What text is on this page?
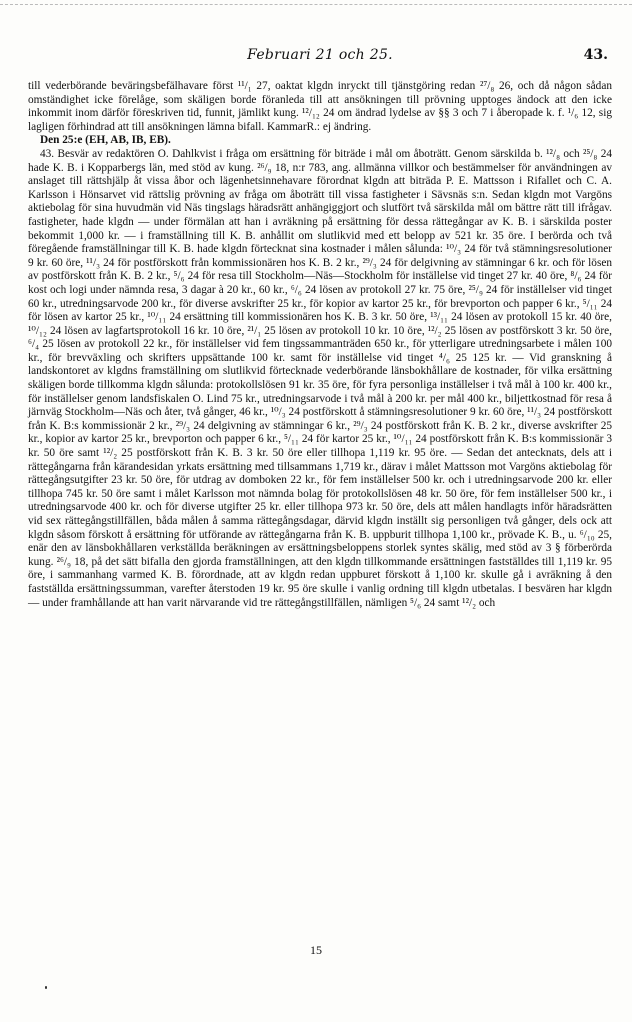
Februari 21 och 25.	43.

till vederbörande beväringsbefälhavare först ¹¹/₁ 27, oaktat klgdn inryckt till tjänstgöring redan ²⁷/₈ 26, och då någon sådan omständighet icke förelåge, som skäligen borde föranleda till att ansökningen till prövning upptoges ändock att den icke inkommit inom därför föreskriven tid, funnit, jämlikt kung. ¹²/₁₂ 24 om ändrad lydelse av §§ 3 och 7 i åberopade k. f. ¹/₆ 12, sig lagligen förhindrad att till ansökningen lämna bifall. KammarR.: ej ändring.

Den 25:e (EH, AB, IB, EB).

43. Besvär av redaktören O. Dahlkvist i fråga om ersättning för biträde i mål om åboträtt. Genom särskilda b. ¹²/₈ och ²⁵/₈ 24 hade K. B. i Kopparbergs län, med stöd av kung. ²⁶/₉ 18, n:r 783, ang. allmänna villkor och bestämmelser för användningen av anslaget till rättshjälp åt vissa åbor och lägenhetsinnehavare förordnat klgdn att biträda P. E. Mattsson i Rifallet och C. A. Karlsson i Hönsarvet vid rättslig prövning av fråga om åboträtt till vissa fastigheter i Sävsnäs s:n. Sedan klgdn mot Vargöns aktiebolag för sina huvudmän vid Näs tingslags häradsrätt anhängiggjort och slutfört två särskilda mål om bättre rätt till ifrågav. fastigheter, hade klgdn — under förmälan att han i avräkning på ersättning för dessa rättegångar av K. B. i särskilda poster bekommit 1,000 kr. — i framställning till K. B. anhållit om slutlikvid med ett belopp av 521 kr. 35 öre. I berörda och två föregående framställningar till K. B. hade klgdn förtecknat sina kostnader i målen sålunda: ¹⁰/₃ 24 för två stämningsresolutioner 9 kr. 60 öre, ¹¹/₃ 24 för postförskott från kommissionären hos K. B. 2 kr., ²⁹/₃ 24 för delgivning av stämningar 6 kr. och för lösen av postförskott från K. B. 2 kr., ⁵/₆ 24 för resa till Stockholm—Näs—Stockholm för inställelse vid tinget 27 kr. 40 öre, ⁸/₆ 24 för kost och logi under nämnda resa, 3 dagar à 20 kr., 60 kr., ⁶/₆ 24 lösen av protokoll 27 kr. 75 öre, ²⁵/₉ 24 för inställelser vid tinget 60 kr., utredningsarvode 200 kr., för diverse avskrifter 25 kr., för kopior av kartor 25 kr., för brevporton och papper 6 kr., ⁵/₁₁ 24 för lösen av kartor 25 kr., ¹⁰/₁₁ 24 ersättning till kommissionären hos K. B. 3 kr. 50 öre, ¹³/₁₁ 24 lösen av protokoll 15 kr. 40 öre, ¹⁰/₁₂ 24 lösen av lagfartsprotokoll 16 kr. 10 öre, ²¹/₁ 25 lösen av protokoll 10 kr. 10 öre, ¹²/₂ 25 lösen av postförskott 3 kr. 50 öre, ⁶/₄ 25 lösen av protokoll 22 kr., för inställelser vid fem tingssammanträden 650 kr., för ytterligare utredningsarbete i målen 100 kr., för brevväxling och skrifters uppsättande 100 kr. samt för inställelse vid tinget ⁴/₆ 25 125 kr. — Vid granskning å landskontoret av klgdns framställning om slutlikvid förtecknade vederbörande länsbokhållare de kostnader, för vilka ersättning skäligen borde tillkomma klgdn sålunda: protokollslösen 91 kr. 35 öre, för fyra personliga inställelser i två mål à 100 kr. 400 kr., för inställelser genom landsfiskalen O. Lind 75 kr., utredningsarvode i två mål à 200 kr. per mål 400 kr., biljettkostnad för resa å järnväg Stockholm—Näs och åter, två gånger, 46 kr., ¹⁰/₃ 24 postförskott å stämningsresolutioner 9 kr. 60 öre, ¹¹/₃ 24 postförskott från K. B:s kommissionär 2 kr., ²⁹/₃ 24 delgivning av stämningar 6 kr., ²⁹/₃ 24 postförskott från K. B. 2 kr., diverse avskrifter 25 kr., kopior av kartor 25 kr., brevporton och papper 6 kr., ⁵/₁₁ 24 för kartor 25 kr., ¹⁰/₁₁ 24 postförskott från K. B:s kommissionär 3 kr. 50 öre samt ¹²/₂ 25 postförskott från K. B. 3 kr. 50 öre eller tillhopa 1,119 kr. 95 öre. — Sedan det antecknats, dels att i rättegångarna från kärandesidan yrkats ersättning med tillsammans 1,719 kr., därav i målet Mattsson mot Vargöns aktiebolag för rättegångsutgifter 23 kr. 50 öre, för utdrag av domboken 22 kr., för fem inställelser 500 kr. och i utredningsarvode 200 kr. eller tillhopa 745 kr. 50 öre samt i målet Karlsson mot nämnda bolag för protokollslösen 48 kr. 50 öre, för fem inställelser 500 kr., i utredningsarvode 400 kr. och för diverse utgifter 25 kr. eller tillhopa 973 kr. 50 öre, dels att målen handlagts inför häradsrätten vid sex rättegångstillfällen, båda målen å samma rättegångsdagar, därvid klgdn inställt sig personligen två gånger, dels ock att klgdn såsom förskott å ersättning för utförande av rättegångarna från K. B. uppburit tillhopa 1,100 kr., prövade K. B., u. ⁶/₁₀ 25, enär den av länsbokhållaren verkställda beräkningen av ersättningsbeloppens storlek syntes skälig, med stöd av 3 § förberörda kung. ²⁶/₉ 18, på det sätt bifalla den gjorda framställningen, att den klgdn tillkommande ersättningen fastställdes till 1,119 kr. 95 öre, i sammanhang varmed K. B. förordnade, att av klgdn redan uppburet förskott å 1,100 kr. skulle gå i avräkning å den fastställda ersättningssumman, varefter återstoden 19 kr. 95 öre skulle i vanlig ordning till klgdn utbetalas. I besvären har klgdn — under framhållande att han varit närvarande vid tre rättegångstillfällen, nämligen ⁵/₆ 24 samt ¹²/₂ och

15
